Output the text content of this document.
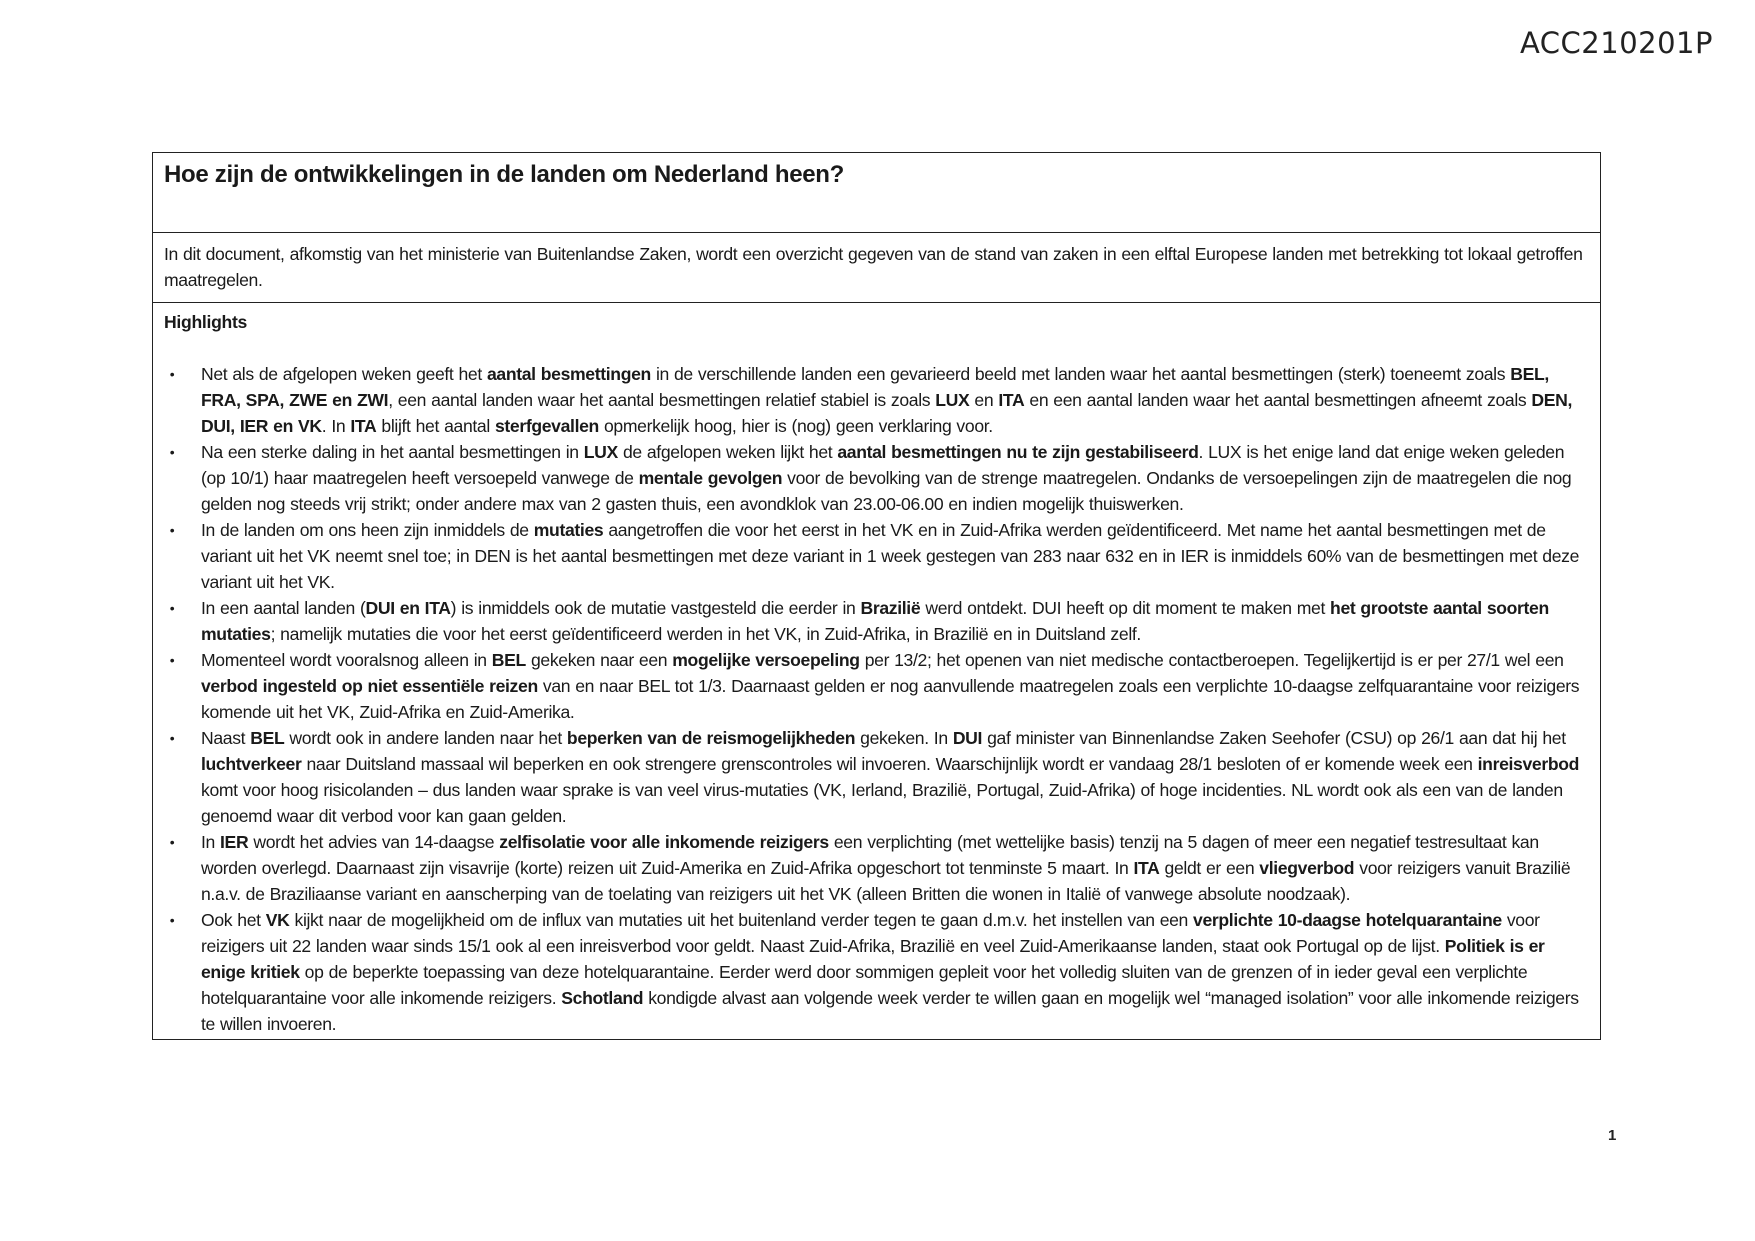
ACC210201P
Hoe zijn de ontwikkelingen in de landen om Nederland heen?

In dit document, afkomstig van het ministerie van Buitenlandse Zaken, wordt een overzicht gegeven van de stand van zaken in een elftal Europese landen met betrekking tot lokaal getroffen maatregelen.

Highlights

• Net als de afgelopen weken geeft het aantal besmettingen in de verschillende landen een gevarieerd beeld met landen waar het aantal besmettingen (sterk) toeneemt zoals BEL, FRA, SPA, ZWE en ZWI, een aantal landen waar het aantal besmettingen relatief stabiel is zoals LUX en ITA en een aantal landen waar het aantal besmettingen afneemt zoals DEN, DUI, IER en VK. In ITA blijft het aantal sterfgevallen opmerkelijk hoog, hier is (nog) geen verklaring voor.
• Na een sterke daling in het aantal besmettingen in LUX de afgelopen weken lijkt het aantal besmettingen nu te zijn gestabiliseerd. LUX is het enige land dat enige weken geleden (op 10/1) haar maatregelen heeft versoepeld vanwege de mentale gevolgen voor de bevolking van de strenge maatregelen. Ondanks de versoepelingen zijn de maatregelen die nog gelden nog steeds vrij strikt; onder andere max van 2 gasten thuis, een avondklok van 23.00-06.00 en indien mogelijk thuiswerken.
• In de landen om ons heen zijn inmiddels de mutaties aangetroffen die voor het eerst in het VK en in Zuid-Afrika werden geïdentificeerd. Met name het aantal besmettingen met de variant uit het VK neemt snel toe; in DEN is het aantal besmettingen met deze variant in 1 week gestegen van 283 naar 632 en in IER is inmiddels 60% van de besmettingen met deze variant uit het VK.
• In een aantal landen (DUI en ITA) is inmiddels ook de mutatie vastgesteld die eerder in Brazilië werd ontdekt. DUI heeft op dit moment te maken met het grootste aantal soorten mutaties; namelijk mutaties die voor het eerst geïdentificeerd werden in het VK, in Zuid-Afrika, in Brazilië en in Duitsland zelf.
• Momenteel wordt vooralsnog alleen in BEL gekeken naar een mogelijke versoepeling per 13/2; het openen van niet medische contactberoepen. Tegelijkertijd is er per 27/1 wel een verbod ingesteld op niet essentiële reizen van en naar BEL tot 1/3. Daarnaast gelden er nog aanvullende maatregelen zoals een verplichte 10-daagse zelfquarantaine voor reizigers komende uit het VK, Zuid-Afrika en Zuid-Amerika.
• Naast BEL wordt ook in andere landen naar het beperken van de reismogelijkheden gekeken. In DUI gaf minister van Binnenlandse Zaken Seehofer (CSU) op 26/1 aan dat hij het luchtverkeer naar Duitsland massaal wil beperken en ook strengere grenscontroles wil invoeren. Waarschijnlijk wordt er vandaag 28/1 besloten of er komende week een inreisverbod komt voor hoog risicolanden – dus landen waar sprake is van veel virus-mutaties (VK, Ierland, Brazilië, Portugal, Zuid-Afrika) of hoge incidenties. NL wordt ook als een van de landen genoemd waar dit verbod voor kan gaan gelden.
• In IER wordt het advies van 14-daagse zelfisolatie voor alle inkomende reizigers een verplichting (met wettelijke basis) tenzij na 5 dagen of meer een negatief testresultaat kan worden overlegd. Daarnaast zijn visavrije (korte) reizen uit Zuid-Amerika en Zuid-Afrika opgeschort tot tenminste 5 maart. In ITA geldt er een vliegverbod voor reizigers vanuit Brazilië n.a.v. de Braziliaanse variant en aanscherping van de toelating van reizigers uit het VK (alleen Britten die wonen in Italië of vanwege absolute noodzaak).
• Ook het VK kijkt naar de mogelijkheid om de influx van mutaties uit het buitenland verder tegen te gaan d.m.v. het instellen van een verplichte 10-daagse hotelquarantaine voor reizigers uit 22 landen waar sinds 15/1 ook al een inreisverbod voor geldt. Naast Zuid-Afrika, Brazilië en veel Zuid-Amerikaanse landen, staat ook Portugal op de lijst. Politiek is er enige kritiek op de beperkte toepassing van deze hotelquarantaine. Eerder werd door sommigen gepleit voor het volledig sluiten van de grenzen of in ieder geval een verplichte hotelquarantaine voor alle inkomende reizigers. Schotland kondigde alvast aan volgende week verder te willen gaan en mogelijk wel “managed isolation” voor alle inkomende reizigers te willen invoeren.
1
